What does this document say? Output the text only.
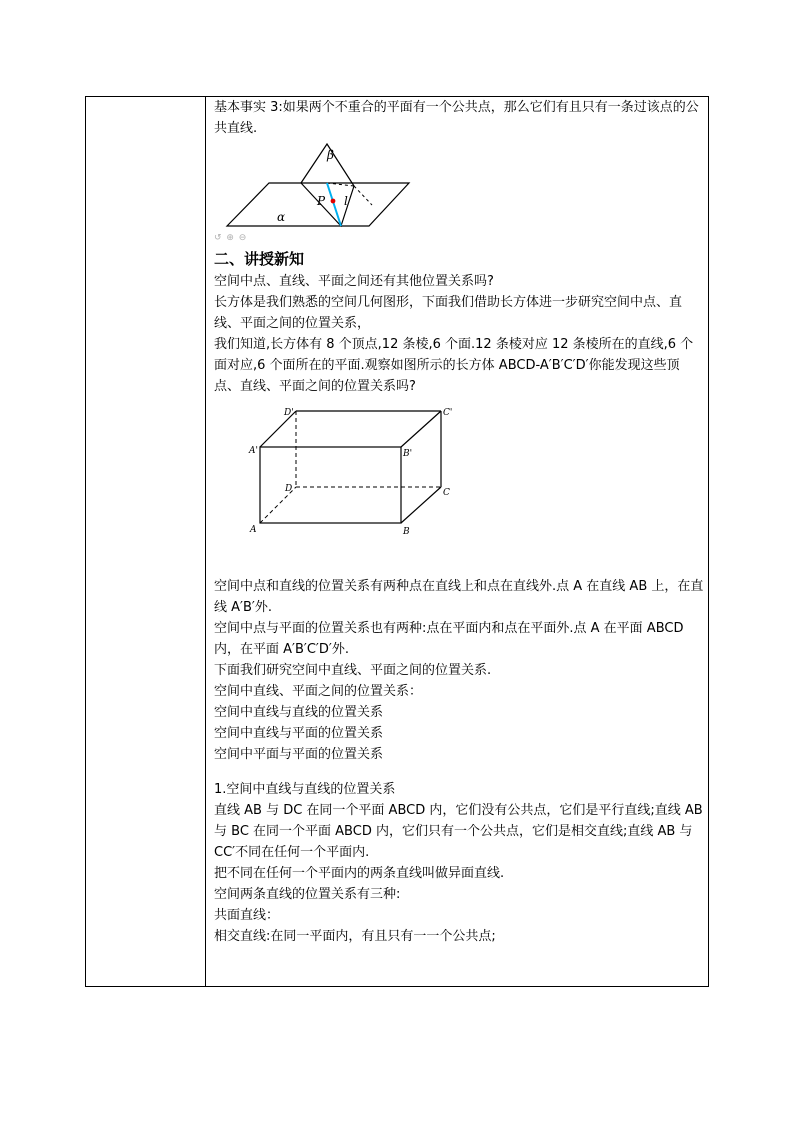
基本事实 3:如果两个不重合的平面有一个公共点，那么它们有且只有一条过该点的公共直线.

β
α
P l
↺ ⊕ ⊖

二、讲授新知

空间中点、直线、平面之间还有其他位置关系吗?

长方体是我们熟悉的空间几何图形，下面我们借助长方体进一步研究空间中点、直线、平面之间的位置关系，

我们知道,长方体有 8 个顶点,12 条棱,6 个面.12 条棱对应 12 条棱所在的直线,6 个面对应,6 个面所在的平面.观察如图所示的长方体 ABCD-A′B′C′D′你能发现这些顶点、直线、平面之间的位置关系吗?

A	B
C
D
A'	B'
C'
D'

空间中点和直线的位置关系有两种点在直线上和点在直线外.点 A 在直线 AB 上，在直线 A′B′外.

空间中点与平面的位置关系也有两种:点在平面内和点在平面外.点 A 在平面 ABCD 内，在平面 A′B′C′D′外.

下面我们研究空间中直线、平面之间的位置关系.

空间中直线、平面之间的位置关系：

空间中直线与直线的位置关系

空间中直线与平面的位置关系

空间中平面与平面的位置关系

1.空间中直线与直线的位置关系

直线 AB 与 DC 在同一个平面 ABCD 内，它们没有公共点，它们是平行直线;直线 AB 与 BC 在同一个平面 ABCD 内，它们只有一个公共点，它们是相交直线;直线 AB 与 CC′不同在任何一个平面内.

把不同在任何一个平面内的两条直线叫做异面直线.

空间两条直线的位置关系有三种:

共面直线：

相交直线:在同一平面内，有且只有一一个公共点;
